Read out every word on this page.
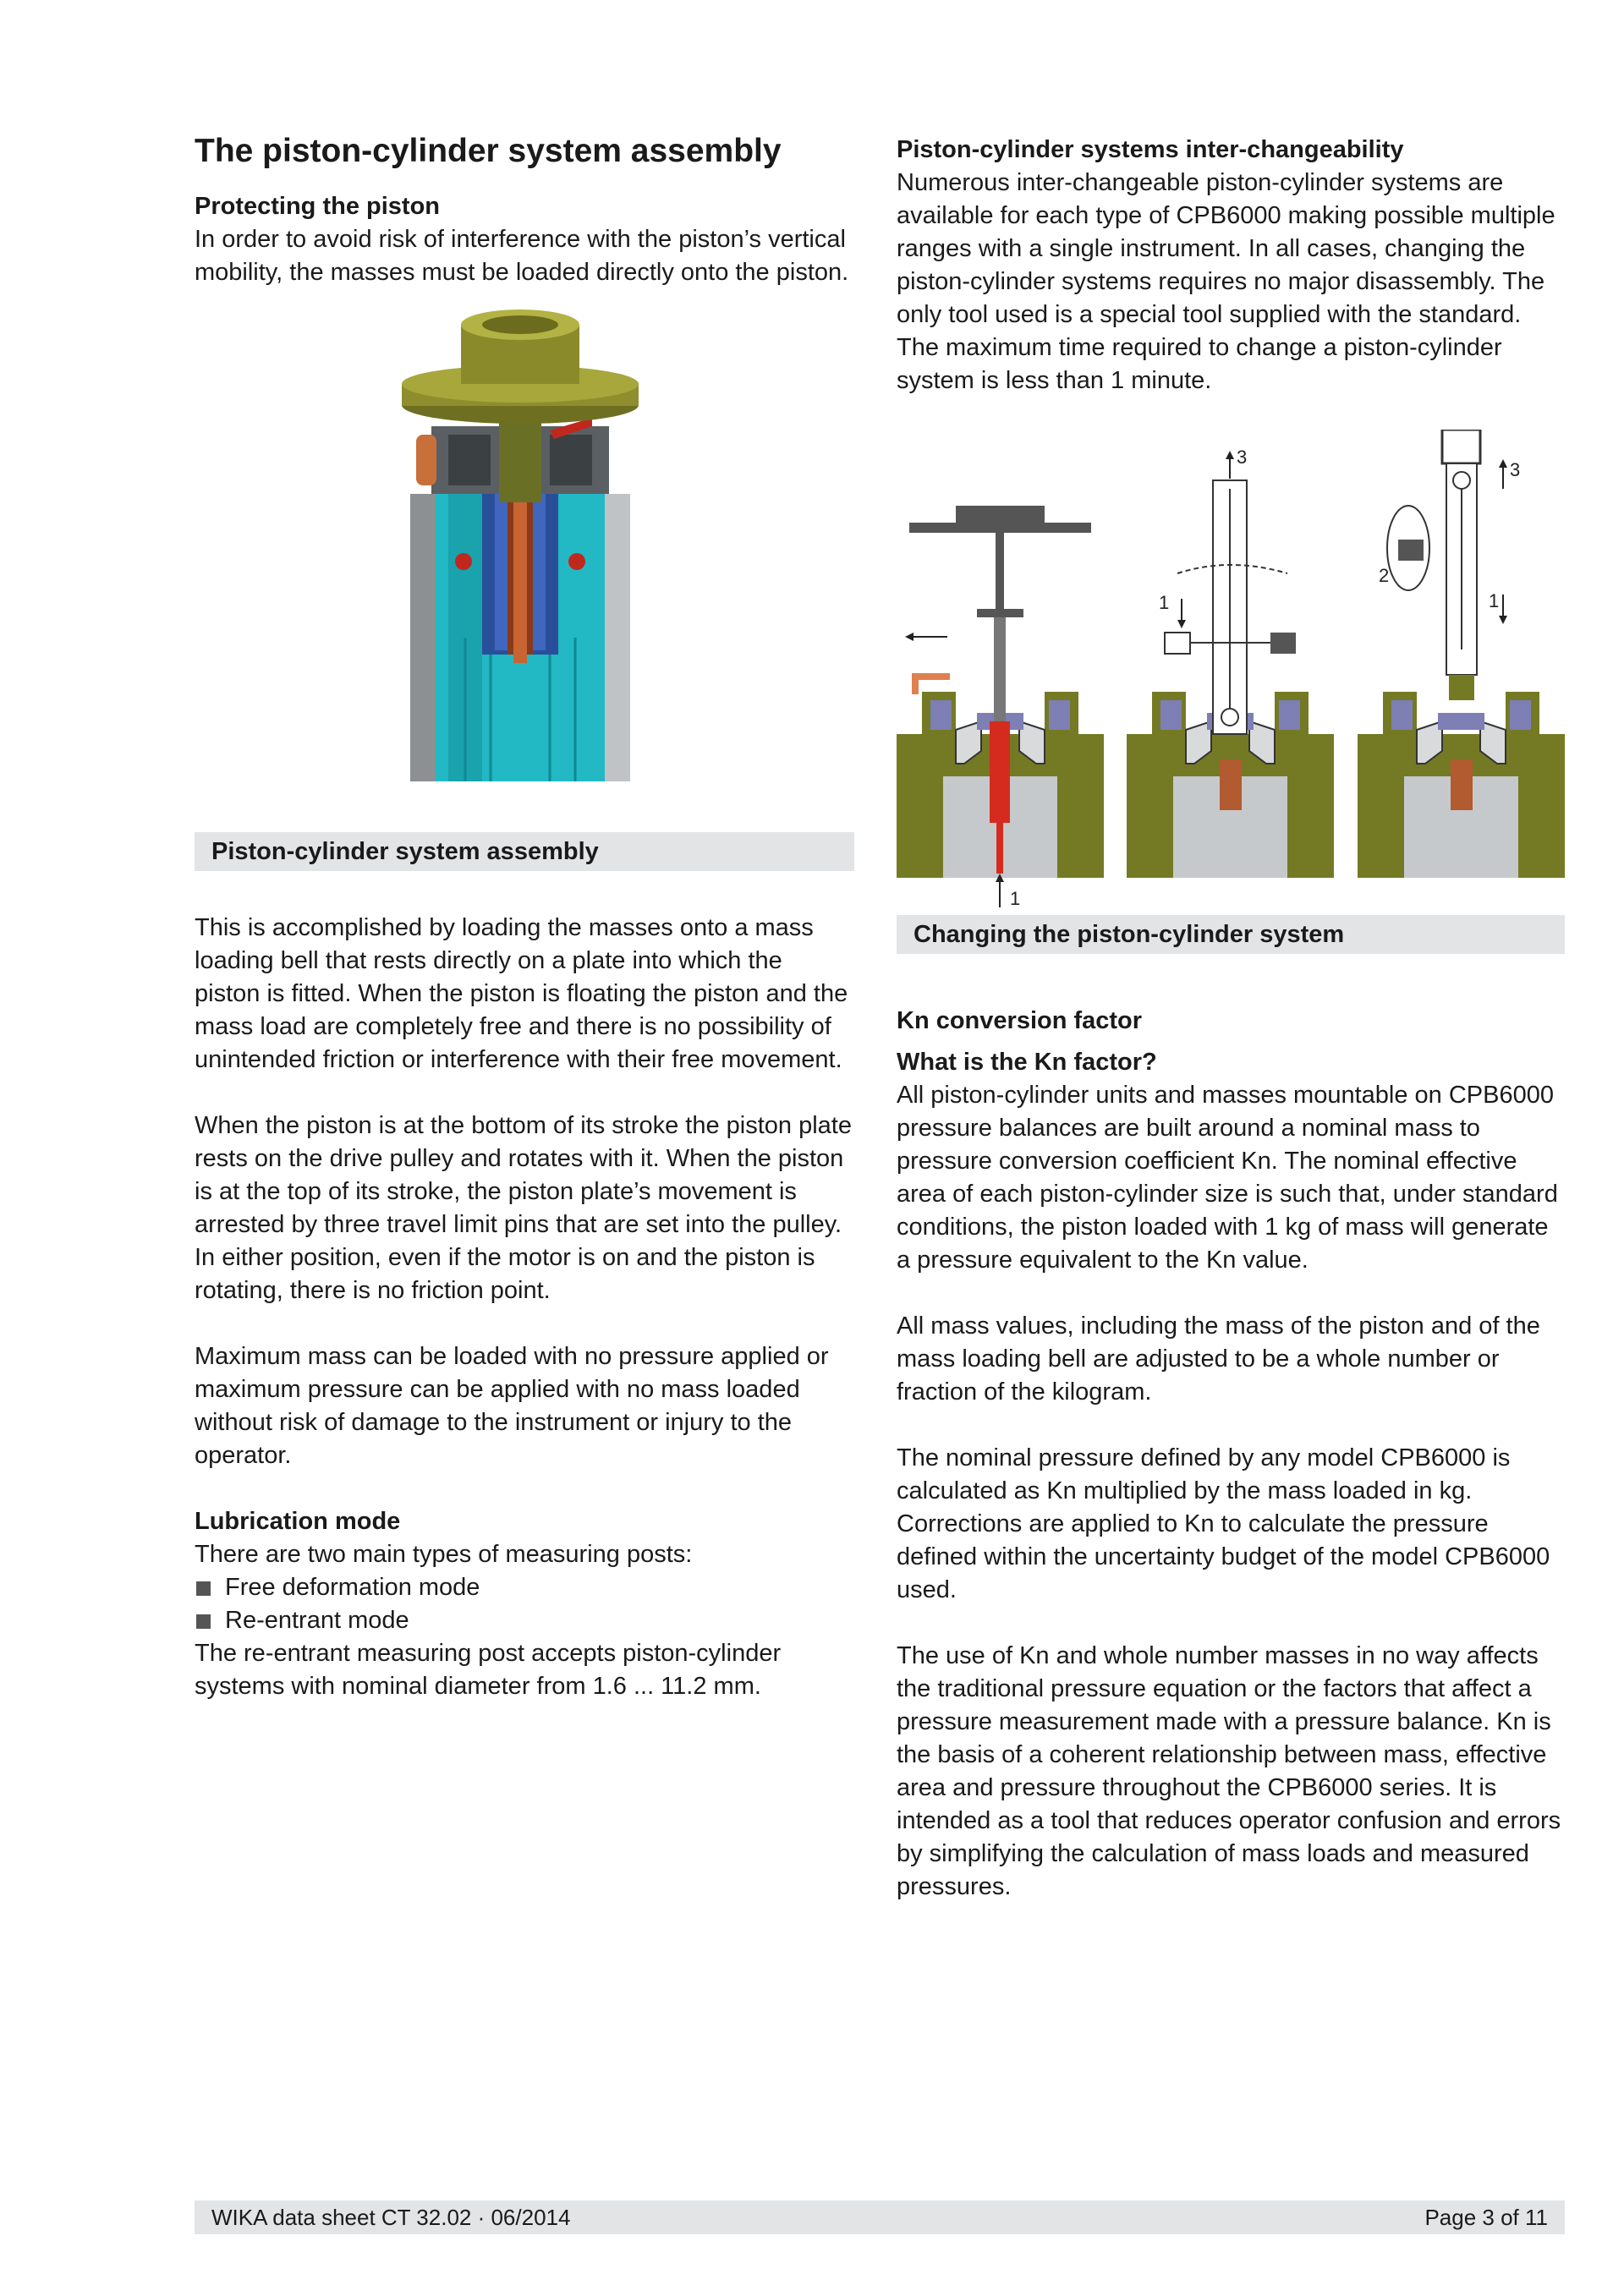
The piston-cylinder system assembly
Protecting the piston

In order to avoid risk of interference with the piston’s vertical mobility, the masses must be loaded directly onto the piston.

Piston-cylinder system assembly

This is accomplished by loading the masses onto a mass loading bell that rests directly on a plate into which the piston is fitted. When the piston is floating the piston and the mass load are completely free and there is no possibility of unintended friction or interference with their free movement.

When the piston is at the bottom of its stroke the piston plate rests on the drive pulley and rotates with it. When the piston is at the top of its stroke, the piston plate’s movement is arrested by three travel limit pins that are set into the pulley. In either position, even if the motor is on and the piston is rotating, there is no friction point.

Maximum mass can be loaded with no pressure applied or maximum pressure can be applied with no mass loaded without risk of damage to the instrument or injury to the operator.

Lubrication mode

There are two main types of measuring posts:

Free deformation mode
Re-entrant mode

The re-entrant measuring post accepts piston-cylinder systems with nominal diameter from 1.6 ... 11.2 mm.

Piston-cylinder systems inter-changeability

Numerous inter-changeable piston-cylinder systems are available for each type of CPB6000 making possible multiple ranges with a single instrument. In all cases, changing the piston-cylinder systems requires no major disassembly. The only tool used is a special tool supplied with the standard. The maximum time required to change a piston-cylinder system is less than 1 minute.

1
3
1
3
1
2
Changing the piston-cylinder system
Kn conversion factor
What is the Kn factor?

All piston-cylinder units and masses mountable on CPB6000 pressure balances are built around a nominal mass to pressure conversion coefficient Kn. The nominal effective area of each piston-cylinder size is such that, under standard conditions, the piston loaded with 1 kg of mass will generate a pressure equivalent to the Kn value.

All mass values, including the mass of the piston and of the mass loading bell are adjusted to be a whole number or fraction of the kilogram.

The nominal pressure defined by any model CPB6000 is calculated as Kn multiplied by the mass loaded in kg. Corrections are applied to Kn to calculate the pressure defined within the uncertainty budget of the model CPB6000 used.

The use of Kn and whole number masses in no way affects the traditional pressure equation or the factors that affect a pressure measurement made with a pressure balance. Kn is the basis of a coherent relationship between mass, effective area and pressure throughout the CPB6000 series. It is intended as a tool that reduces operator confusion and errors by simplifying the calculation of mass loads and measured pressures.

WIKA data sheet CT 32.02 · 06/2014	Page 3 of 11
